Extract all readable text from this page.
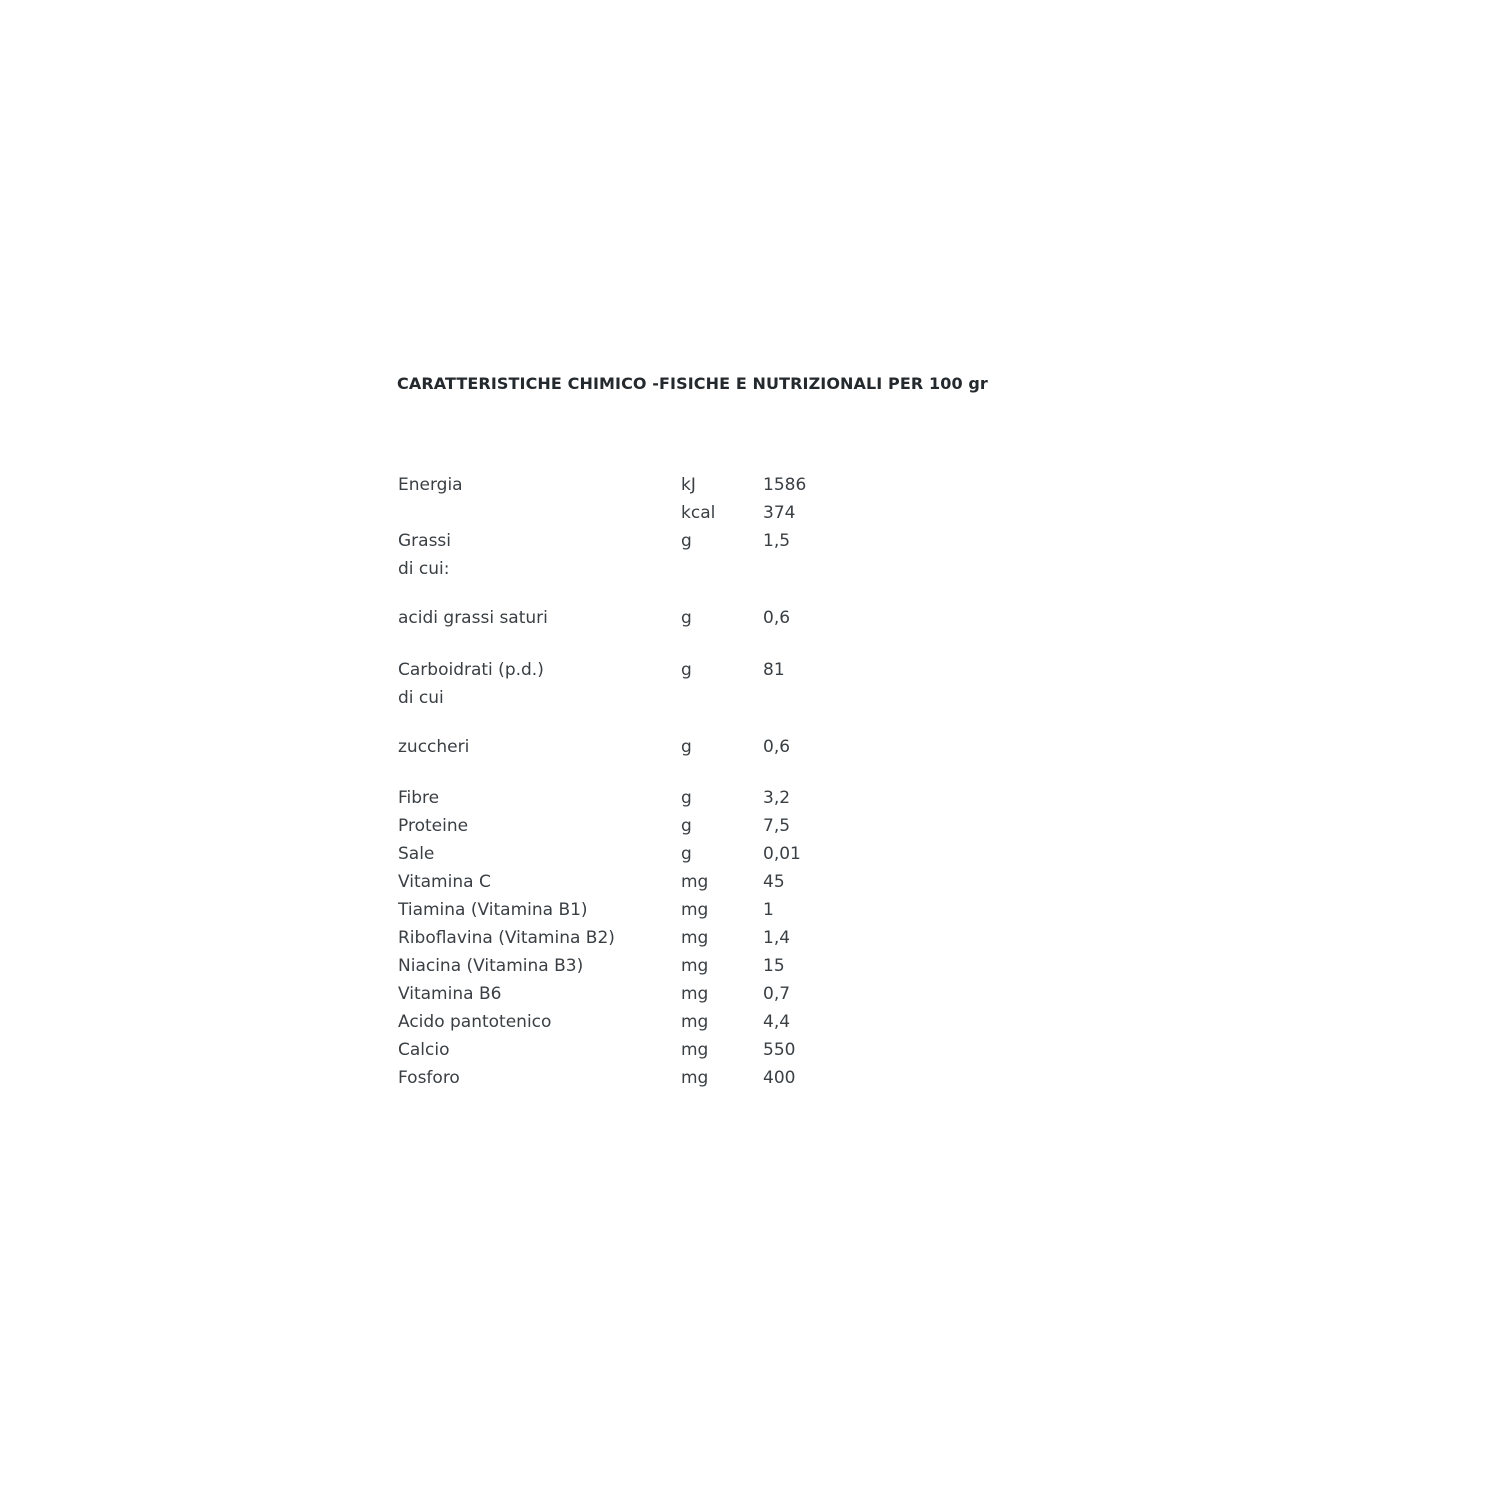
CARATTERISTICHE CHIMICO -FISICHE E NUTRIZIONALI PER 100 gr
Energia	kJ	1586
kcal	374
Grassi	g	1,5
di cui:
acidi grassi saturi	g	0,6
Carboidrati (p.d.)	g	81
di cui
zuccheri	g	0,6
Fibre	g	3,2
Proteine	g	7,5
Sale	g	0,01
Vitamina C	mg	45
Tiamina (Vitamina B1)	mg	1
Riboflavina (Vitamina B2)	mg	1,4
Niacina (Vitamina B3)	mg	15
Vitamina B6	mg	0,7
Acido pantotenico	mg	4,4
Calcio	mg	550
Fosforo	mg	400
